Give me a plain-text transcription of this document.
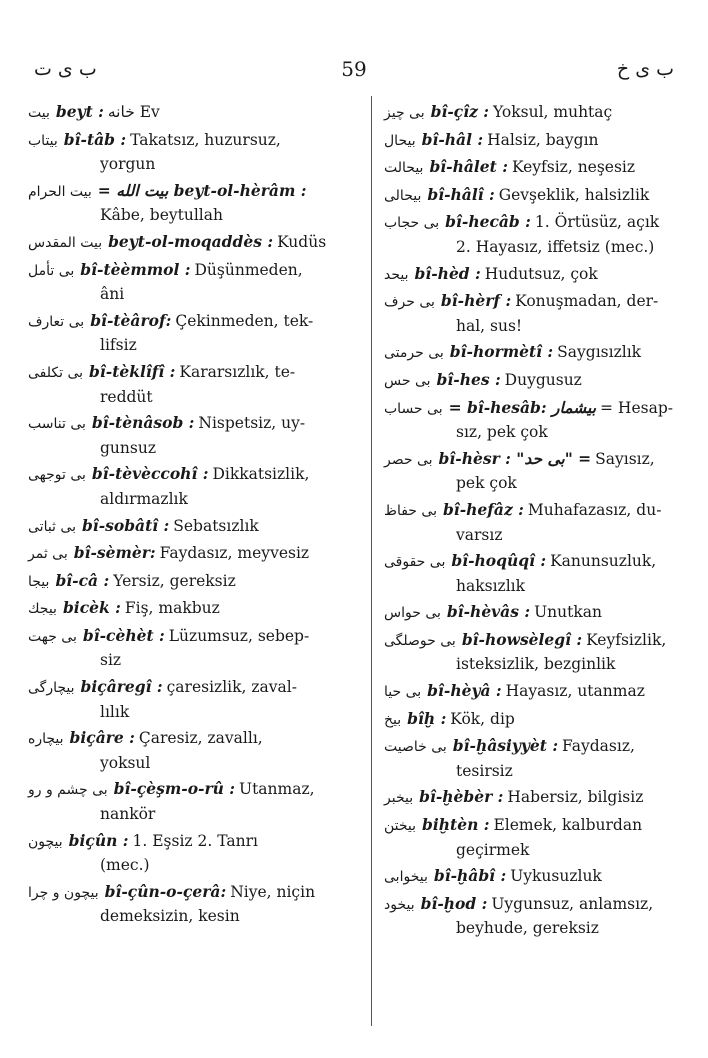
ب ى ت	59	ب ى خ
بيت beyt : خانه Ev
بيتاب bî-tâb : Takatsız, huzursuz,
yorgun
بيت الحرام = بيت الله beyt-ol-hèrâm :
Kâbe, beytullah
بيت المقدس beyt-ol-moqaddès : Kudüs
بى تأمل bî-tèèmmol : Düşünmeden,
âni
بى تعارف bî-tèârof: Çekinmeden, tek-
lifsiz
بى تكلفى bî-tèklîfî : Kararsızlık, te-
reddüt
بى تناسب bî-tènâsob : Nispetsiz, uy-
gunsuz
بى توجهى bî-tèvèccohî : Dikkatsizlik,
aldırmazlık
بى ثباتى bî-sobâtî : Sebatsızlık
بى ثمر bî-sèmèr: Faydasız, meyvesiz
بيجا bî-câ : Yersiz, gereksiz
بيجك bicèk : Fiş, makbuz
بى جهت bî-cèhèt : Lüzumsuz, sebep-
siz
بيچارگى biçâregî : çaresizlik, zaval-
lılık
بيچاره biçâre : Çaresiz, zavallı,
yoksul
بى چشم و رو bî-çèşm-o-rû : Utanmaz,
nankör
بيچون biçûn : 1. Eşsiz 2. Tanrı
(mec.)
بيچون و چرا bî-çûn-o-çerâ: Niye, niçin
demeksizin, kesin
بى چيز bî-çîz : Yoksul, muhtaç
بيحال bî-hâl : Halsiz, baygın
بيحالت bî-hâlet : Keyfsiz, neşesiz
بيحالى bî-hâlî : Gevşeklik, halsizlik
بى حجاب bî-hecâb : 1. Örtüsüz, açık
2. Hayasız, iffetsiz (mec.)
بيحد bî-hèd : Hudutsuz, çok
بى حرف bî-hèrf : Konuşmadan, der-
hal, sus!
بى حرمتى bî-hormètî : Saygısızlık
بى حس bî-hes : Duygusuz
بى حساب = bî-hesâb: بيشمار = Hesap-
sız, pek çok
بى حصر bî-hèsr : "بى حد" = Sayısız,
pek çok
بى حفاظ bî-hefâz : Muhafazasız, du-
varsız
بى حقوقى bî-hoqûqî : Kanunsuzluk,
haksızlık
بى حواس bî-hèvâs : Unutkan
بى حوصلگى bî-howsèlegî : Keyfsizlik,
isteksizlik, bezginlik
بى حيا bî-hèyâ : Hayasız, utanmaz
بيخ bîḫ : Kök, dip
بى خاصيت bî-ḫâsiyyèt : Faydasız,
tesirsiz
بيخبر bî-ḫèbèr : Habersiz, bilgisiz
بيختن biḫtèn : Elemek, kalburdan
geçirmek
بيخوابى bî-ḫâbî : Uykusuzluk
بيخود bî-ḫod : Uygunsuz, anlamsız,
beyhude, gereksiz
